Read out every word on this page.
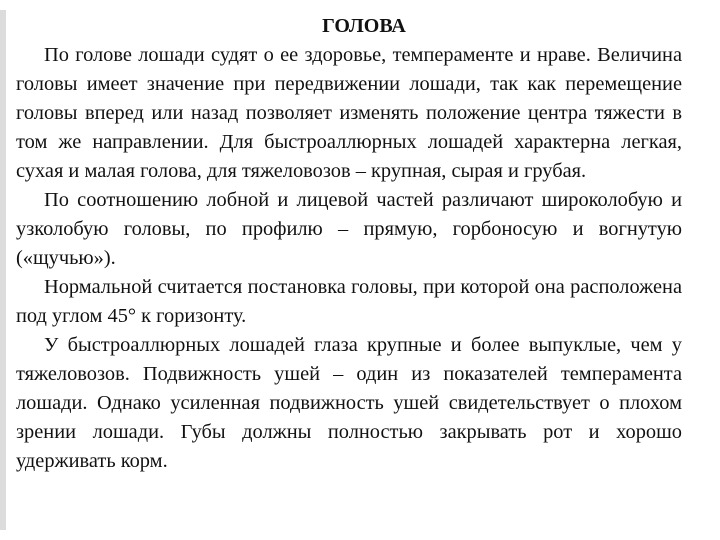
ГОЛОВА

По голове лошади судят о ее здоровье, темпераменте и нраве. Величина головы имеет значение при передвижении лошади, так как перемещение головы вперед или назад позволяет изменять положение центра тяжести в том же направлении. Для быстроаллюрных лошадей характерна легкая, сухая и малая голова, для тяжеловозов – крупная, сырая и грубая.

По соотношению лобной и лицевой частей различают широколобую и узколобую головы, по профилю – прямую, горбоносую и вогнутую («щучью»).

Нормальной считается постановка головы, при которой она расположена под углом 45° к горизонту.

У быстроаллюрных лошадей глаза крупные и более выпуклые, чем у тяжеловозов. Подвижность ушей – один из показателей темперамента лошади. Однако усиленная подвижность ушей свидетельствует о плохом зрении лошади. Губы должны полностью закрывать рот и хорошо удерживать корм.
